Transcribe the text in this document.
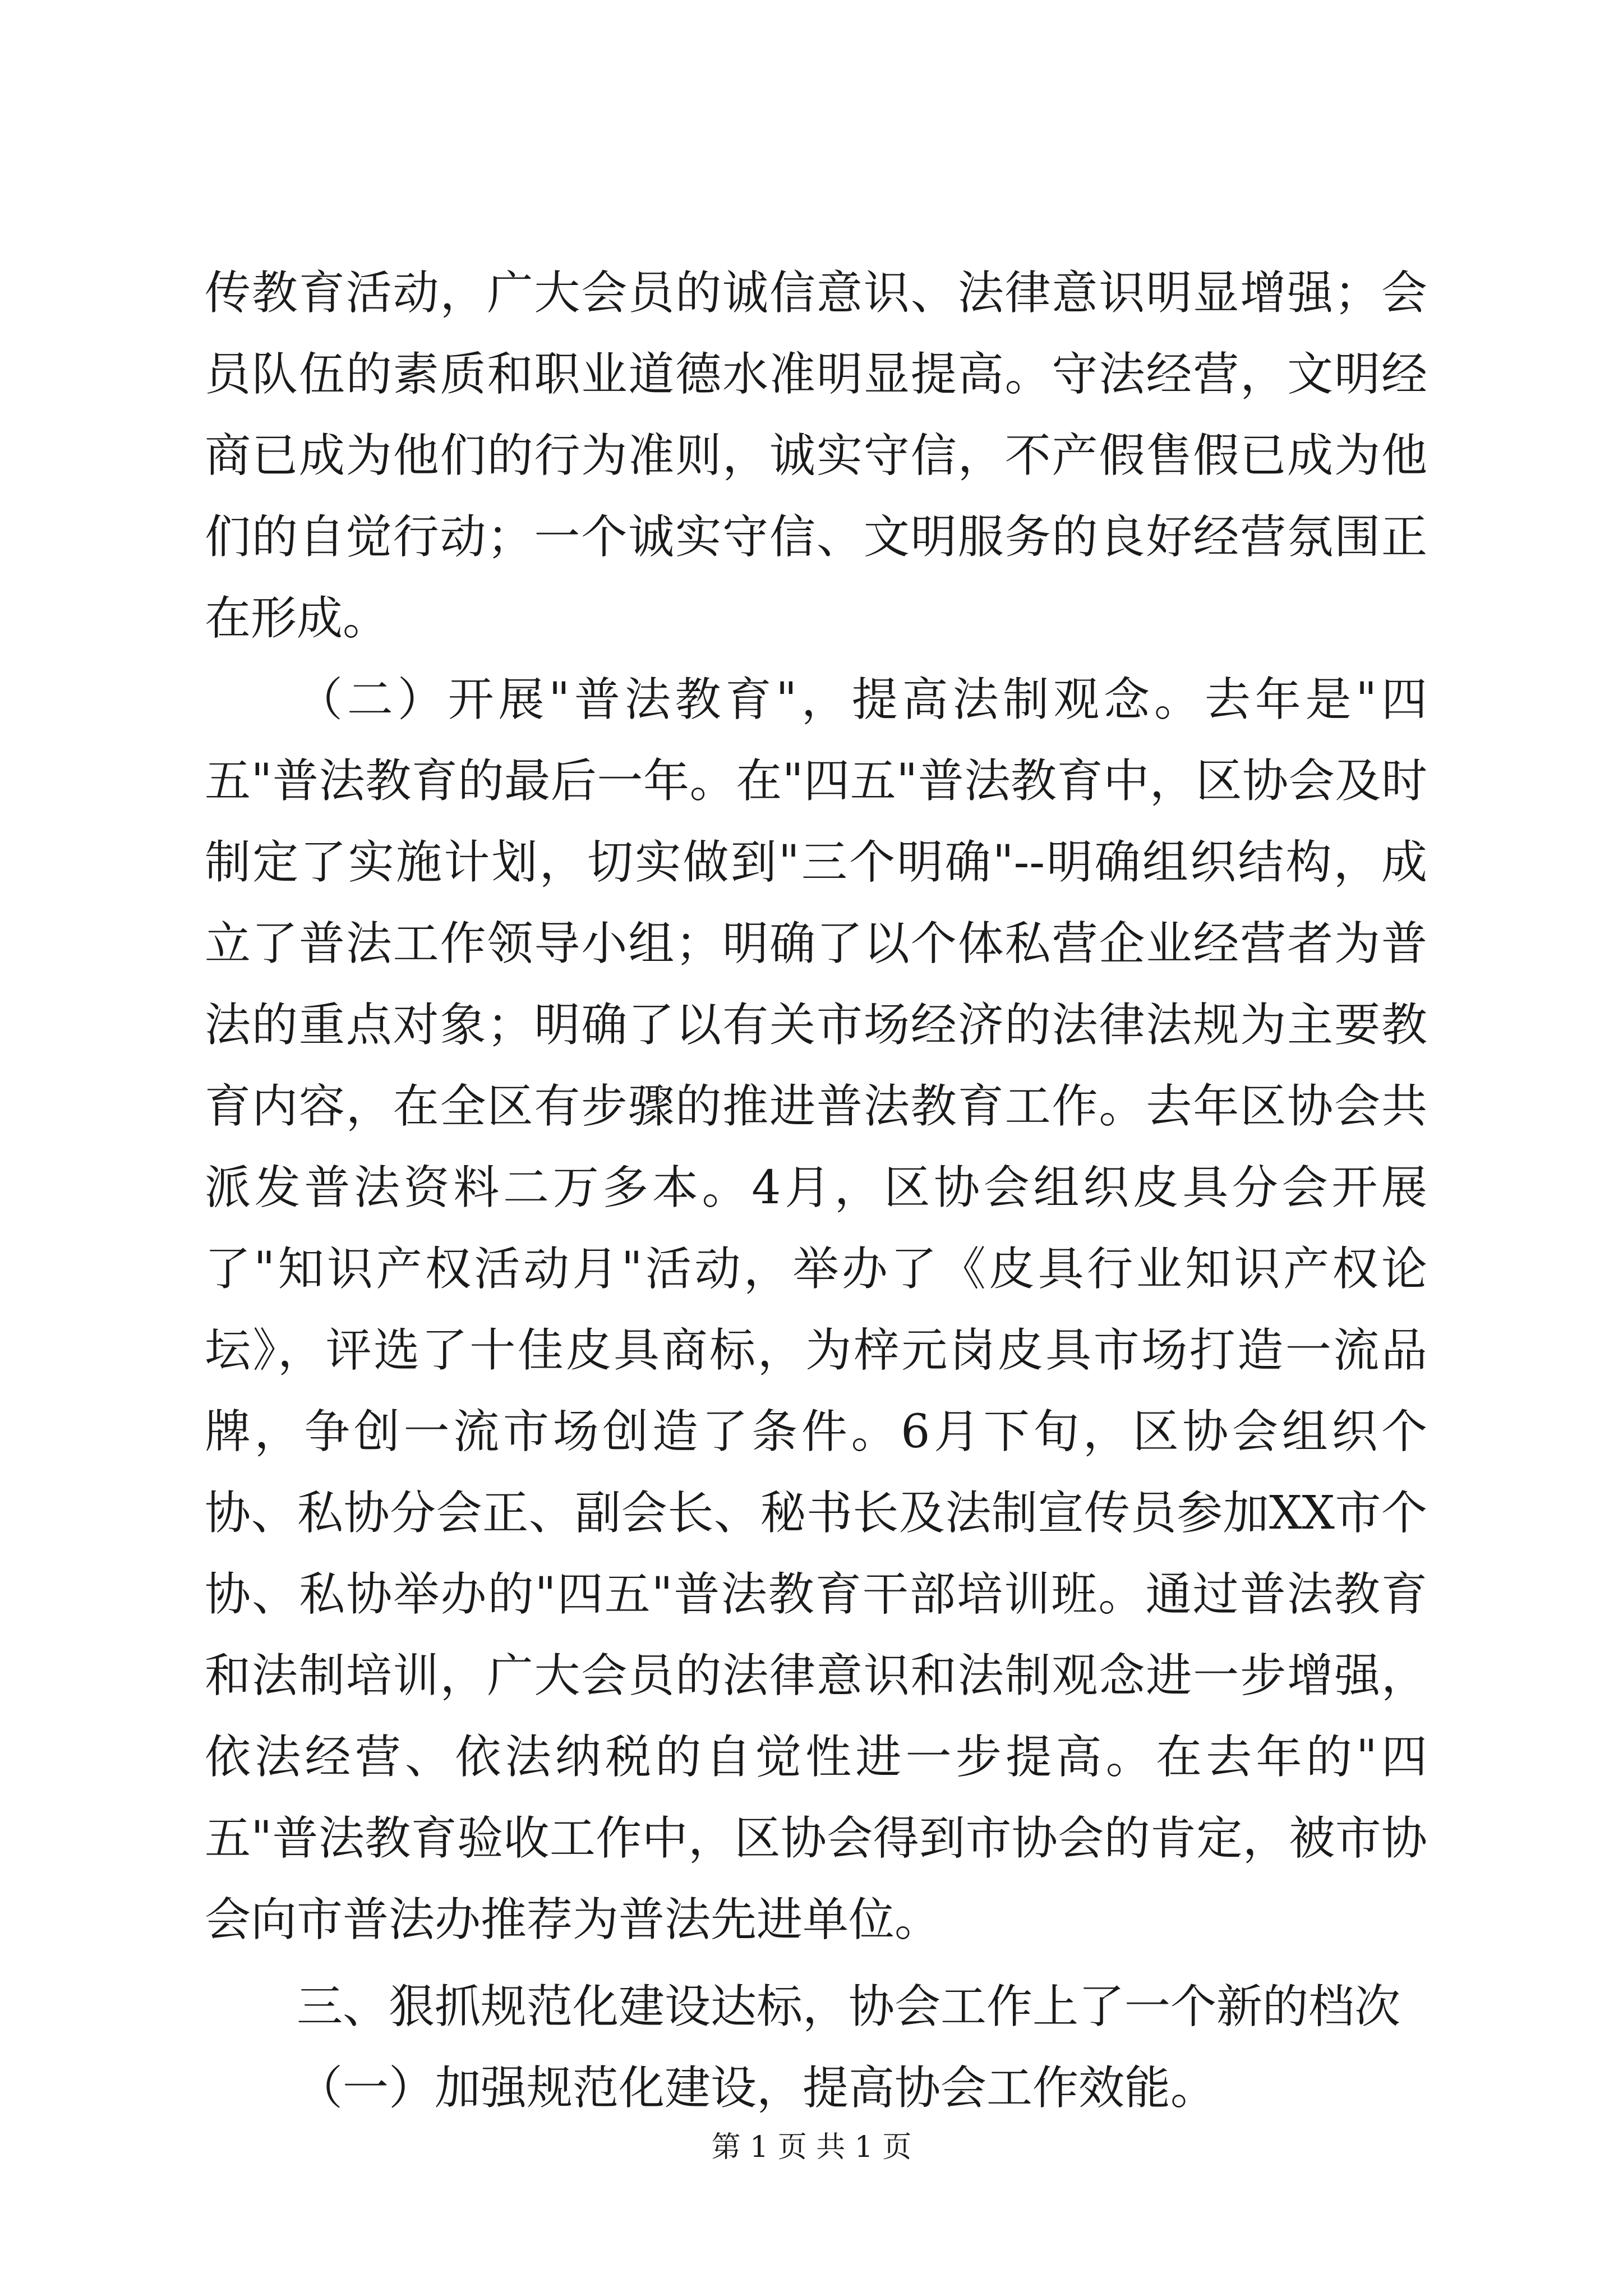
传教育活动，广大会员的诚信意识、法律意识明显增强；会员队伍的素质和职业道德水准明显提高。守法经营，文明经商已成为他们的行为准则，诚实守信，不产假售假已成为他们的自觉行动；一个诚实守信、文明服务的良好经营氛围正在形成。

（二）开展"普法教育"，提高法制观念。去年是"四五"普法教育的最后一年。在"四五"普法教育中，区协会及时制定了实施计划，切实做到"三个明确"--明确组织结构，成立了普法工作领导小组；明确了以个体私营企业经营者为普法的重点对象；明确了以有关市场经济的法律法规为主要教育内容，在全区有步骤的推进普法教育工作。去年区协会共派发普法资料二万多本。4月，区协会组织皮具分会开展了"知识产权活动月"活动，举办了《皮具行业知识产权论坛》，评选了十佳皮具商标，为梓元岗皮具市场打造一流品牌，争创一流市场创造了条件。6月下旬，区协会组织个协、私协分会正、副会长、秘书长及法制宣传员参加XX市个协、私协举办的"四五"普法教育干部培训班。通过普法教育和法制培训，广大会员的法律意识和法制观念进一步增强，依法经营、依法纳税的自觉性进一步提高。在去年的"四五"普法教育验收工作中，区协会得到市协会的肯定，被市协会向市普法办推荐为普法先进单位。

三、狠抓规范化建设达标，协会工作上了一个新的档次

（一）加强规范化建设，提高协会工作效能。

第 1 页 共 1 页
